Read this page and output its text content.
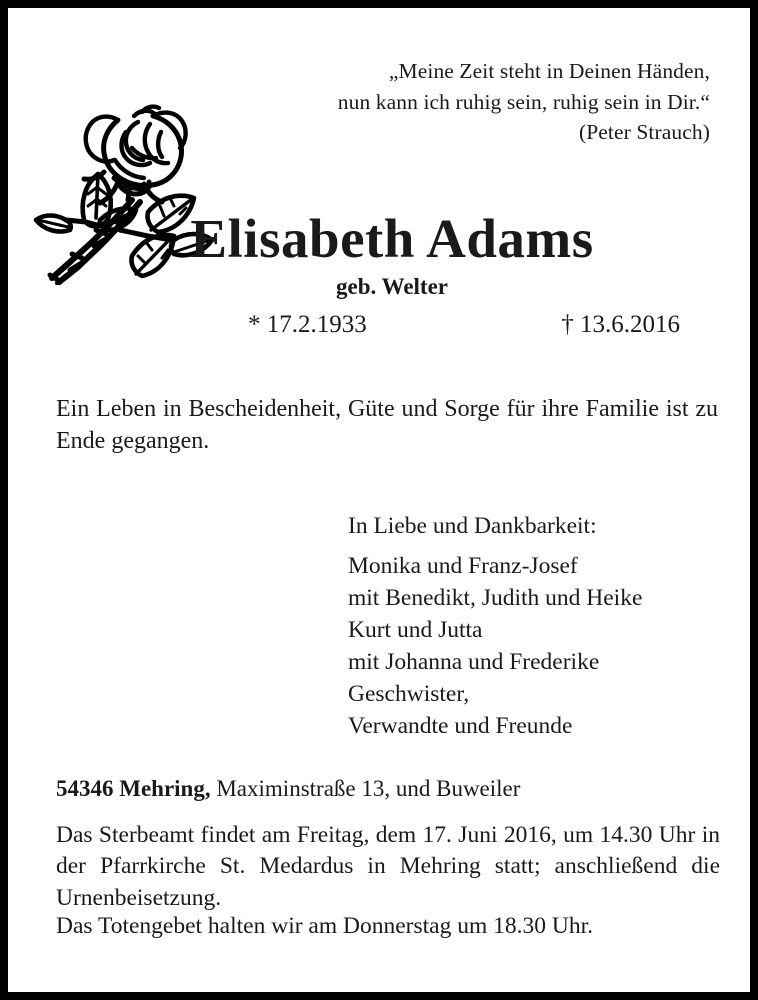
„Meine Zeit steht in Deinen Händen,
nun kann ich ruhig sein, ruhig sein in Dir.“
(Peter Strauch)
Elisabeth Adams
geb. Welter
* 17.2.1933	† 13.6.2016
Ein Leben in Bescheidenheit, Güte und Sorge für ihre Familie ist zu Ende gegangen.
In Liebe und Dankbarkeit:
Monika und Franz-Josef
mit Benedikt, Judith und Heike
Kurt und Jutta
mit Johanna und Frederike
Geschwister,
Verwandte und Freunde
54346 Mehring, Maximinstraße 13, und Buweiler
Das Sterbeamt findet am Freitag, dem 17. Juni 2016, um 14.30 Uhr in der Pfarrkirche St. Medardus in Mehring statt; anschließend die Urnenbeisetzung.
Das Totengebet halten wir am Donnerstag um 18.30 Uhr.
